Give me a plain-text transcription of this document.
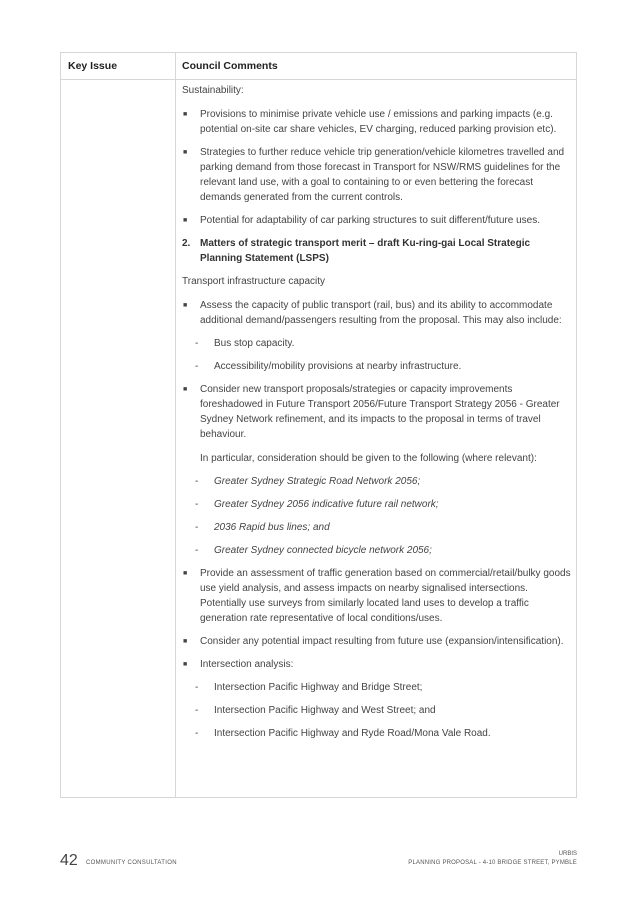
Key Issue	Council Comments

Sustainability:

■ Provisions to minimise private vehicle use / emissions and parking impacts (e.g. potential on-site car share vehicles, EV charging, reduced parking provision etc).

■ Strategies to further reduce vehicle trip generation/vehicle kilometres travelled and parking demand from those forecast in Transport for NSW/RMS guidelines for the relevant land use, with a goal to containing to or even bettering the forecast demands generated from the current controls.

■ Potential for adaptability of car parking structures to suit different/future uses.

2. Matters of strategic transport merit – draft Ku-ring-gai Local Strategic Planning Statement (LSPS)

Transport infrastructure capacity

■ Assess the capacity of public transport (rail, bus) and its ability to accommodate additional demand/passengers resulting from the proposal. This may also include:

- Bus stop capacity.
- Accessibility/mobility provisions at nearby infrastructure.
■ Consider new transport proposals/strategies or capacity improvements foreshadowed in Future Transport 2056/Future Transport Strategy 2056 - Greater Sydney Network refinement, and its impacts to the proposal in terms of travel behaviour.

In particular, consideration should be given to the following (where relevant):

- Greater Sydney Strategic Road Network 2056;
- Greater Sydney 2056 indicative future rail network;
- 2036 Rapid bus lines; and
- Greater Sydney connected bicycle network 2056;
■ Provide an assessment of traffic generation based on commercial/retail/bulky goods use yield analysis, and assess impacts on nearby signalised intersections. Potentially use surveys from similarly located land uses to develop a traffic generation rate representative of local conditions/uses.

■ Consider any potential impact resulting from future use (expansion/intensification).

■ Intersection analysis:

- Intersection Pacific Highway and Bridge Street;
- Intersection Pacific Highway and West Street; and
- Intersection Pacific Highway and Ryde Road/Mona Vale Road.
42 COMMUNITY CONSULTATION
URBIS
PLANNING PROPOSAL - 4-10 BRIDGE STREET, PYMBLE
